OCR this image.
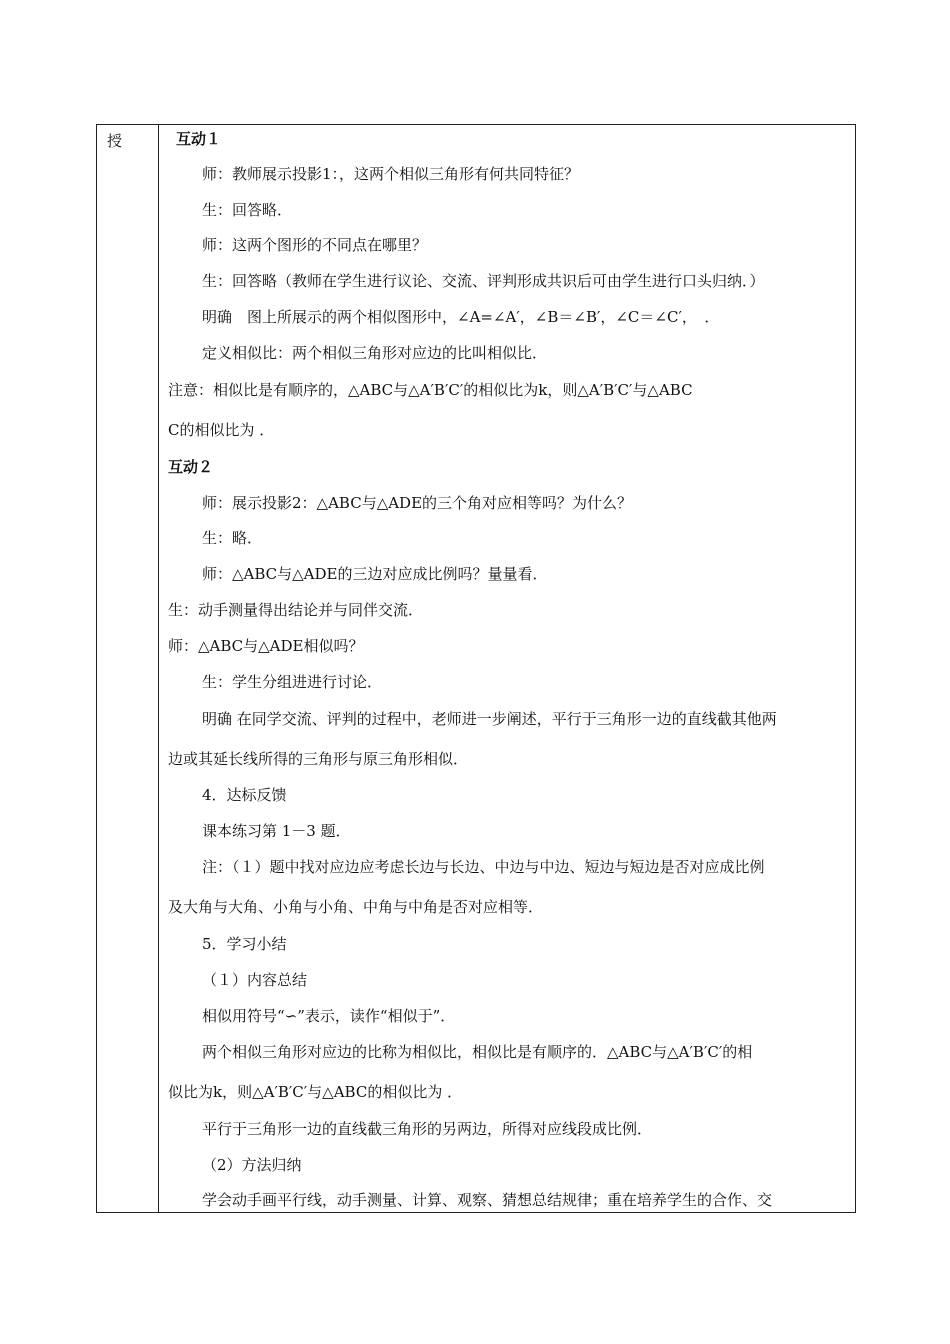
授	互动１
师：教师展示投影1：，这两个相似三角形有何共同特征？
生：回答略．
师：这两个图形的不同点在哪里？
生：回答略（教师在学生进行议论、交流、评判形成共识后可由学生进行口头归纳．）
明确　图上所展示的两个相似图形中，∠A=∠A′，∠B＝∠B′，∠C＝∠C′，　．
定义相似比：两个相似三角形对应边的比叫相似比．
注意：相似比是有顺序的，△ABC与△A′B′C′的相似比为k，则△A′B′C′与△ABC
C的相似比为 ．
互动２
师：展示投影2：△ABC与△ADE的三个角对应相等吗？为什么？
生：略．
师：△ABC与△ADE的三边对应成比例吗？量量看．
生：动手测量得出结论并与同伴交流．
师：△ABC与△ADE相似吗？
生：学生分组进进行讨论．
明确 在同学交流、评判的过程中，老师进一步阐述，平行于三角形一边的直线截其他两
边或其延长线所得的三角形与原三角形相似．
4．达标反馈
课本练习第 1－3 题．
注：（１）题中找对应边应考虑长边与长边、中边与中边、短边与短边是否对应成比例
及大角与大角、小角与小角、中角与中角是否对应相等．
5．学习小结
（１）内容总结
相似用符号“∽”表示，读作“相似于”．
两个相似三角形对应边的比称为相似比，相似比是有顺序的．△ABC与△A′B′C′的相
似比为k，则△A′B′C′与△ABC的相似比为 ．
平行于三角形一边的直线截三角形的另两边，所得对应线段成比例．
（2）方法归纳
学会动手画平行线，动手测量、计算、观察、猜想总结规律；重在培养学生的合作、交
